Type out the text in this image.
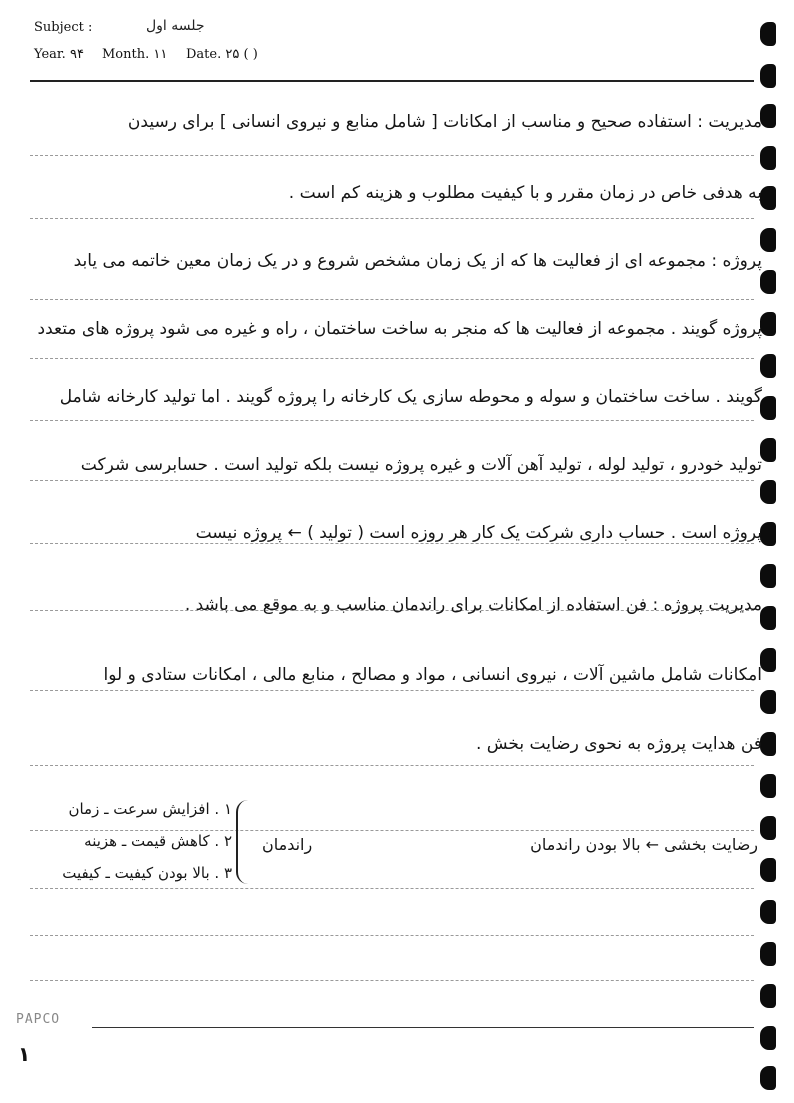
Subject :	جلسه اول
Year. ۹۴ Month. ۱۱ Date. ۲۵ ( )
مدیریت : استفاده صحیح و مناسب از امکانات [ شامل منابع و نیروی انسانی ] برای رسیدن
به هدفی خاص در زمان مقرر و با کیفیت مطلوب و هزینه کم است .
پروژه : مجموعه ای از فعالیت ها که از یک زمان مشخص شروع و در یک زمان معین خاتمه می یابد
پروژه گویند . مجموعه از فعالیت ها که منجر به ساخت ساختمان ، راه و غیره می شود پروژه های متعدد
گویند . ساخت ساختمان و سوله و محوطه سازی یک کارخانه را پروژه گویند . اما تولید کارخانه شامل
تولید خودرو ، تولید لوله ، تولید آهن آلات و غیره پروژه نیست بلکه تولید است . حسابرسی شرکت
پروژه است . حساب داری شرکت یک کار هر روزه است ( تولید ) ← پروژه نیست
مدیریت پروژه : فن استفاده از امکانات برای راندمان مناسب و به موقع می باشد .
امکانات شامل ماشین آلات ، نیروی انسانی ، مواد و مصالح ، منابع مالی ، امکانات ستادی و لوا
فن هدایت پروژه به نحوی رضایت بخش .
رضایت بخشی ← بالا بودن راندمان
راندمان
۱ . افزایش سرعت ـ زمان
۲ . کاهش قیمت ـ هزینه
۳ . بالا بودن کیفیت ـ کیفیت
PAPCO
۱
